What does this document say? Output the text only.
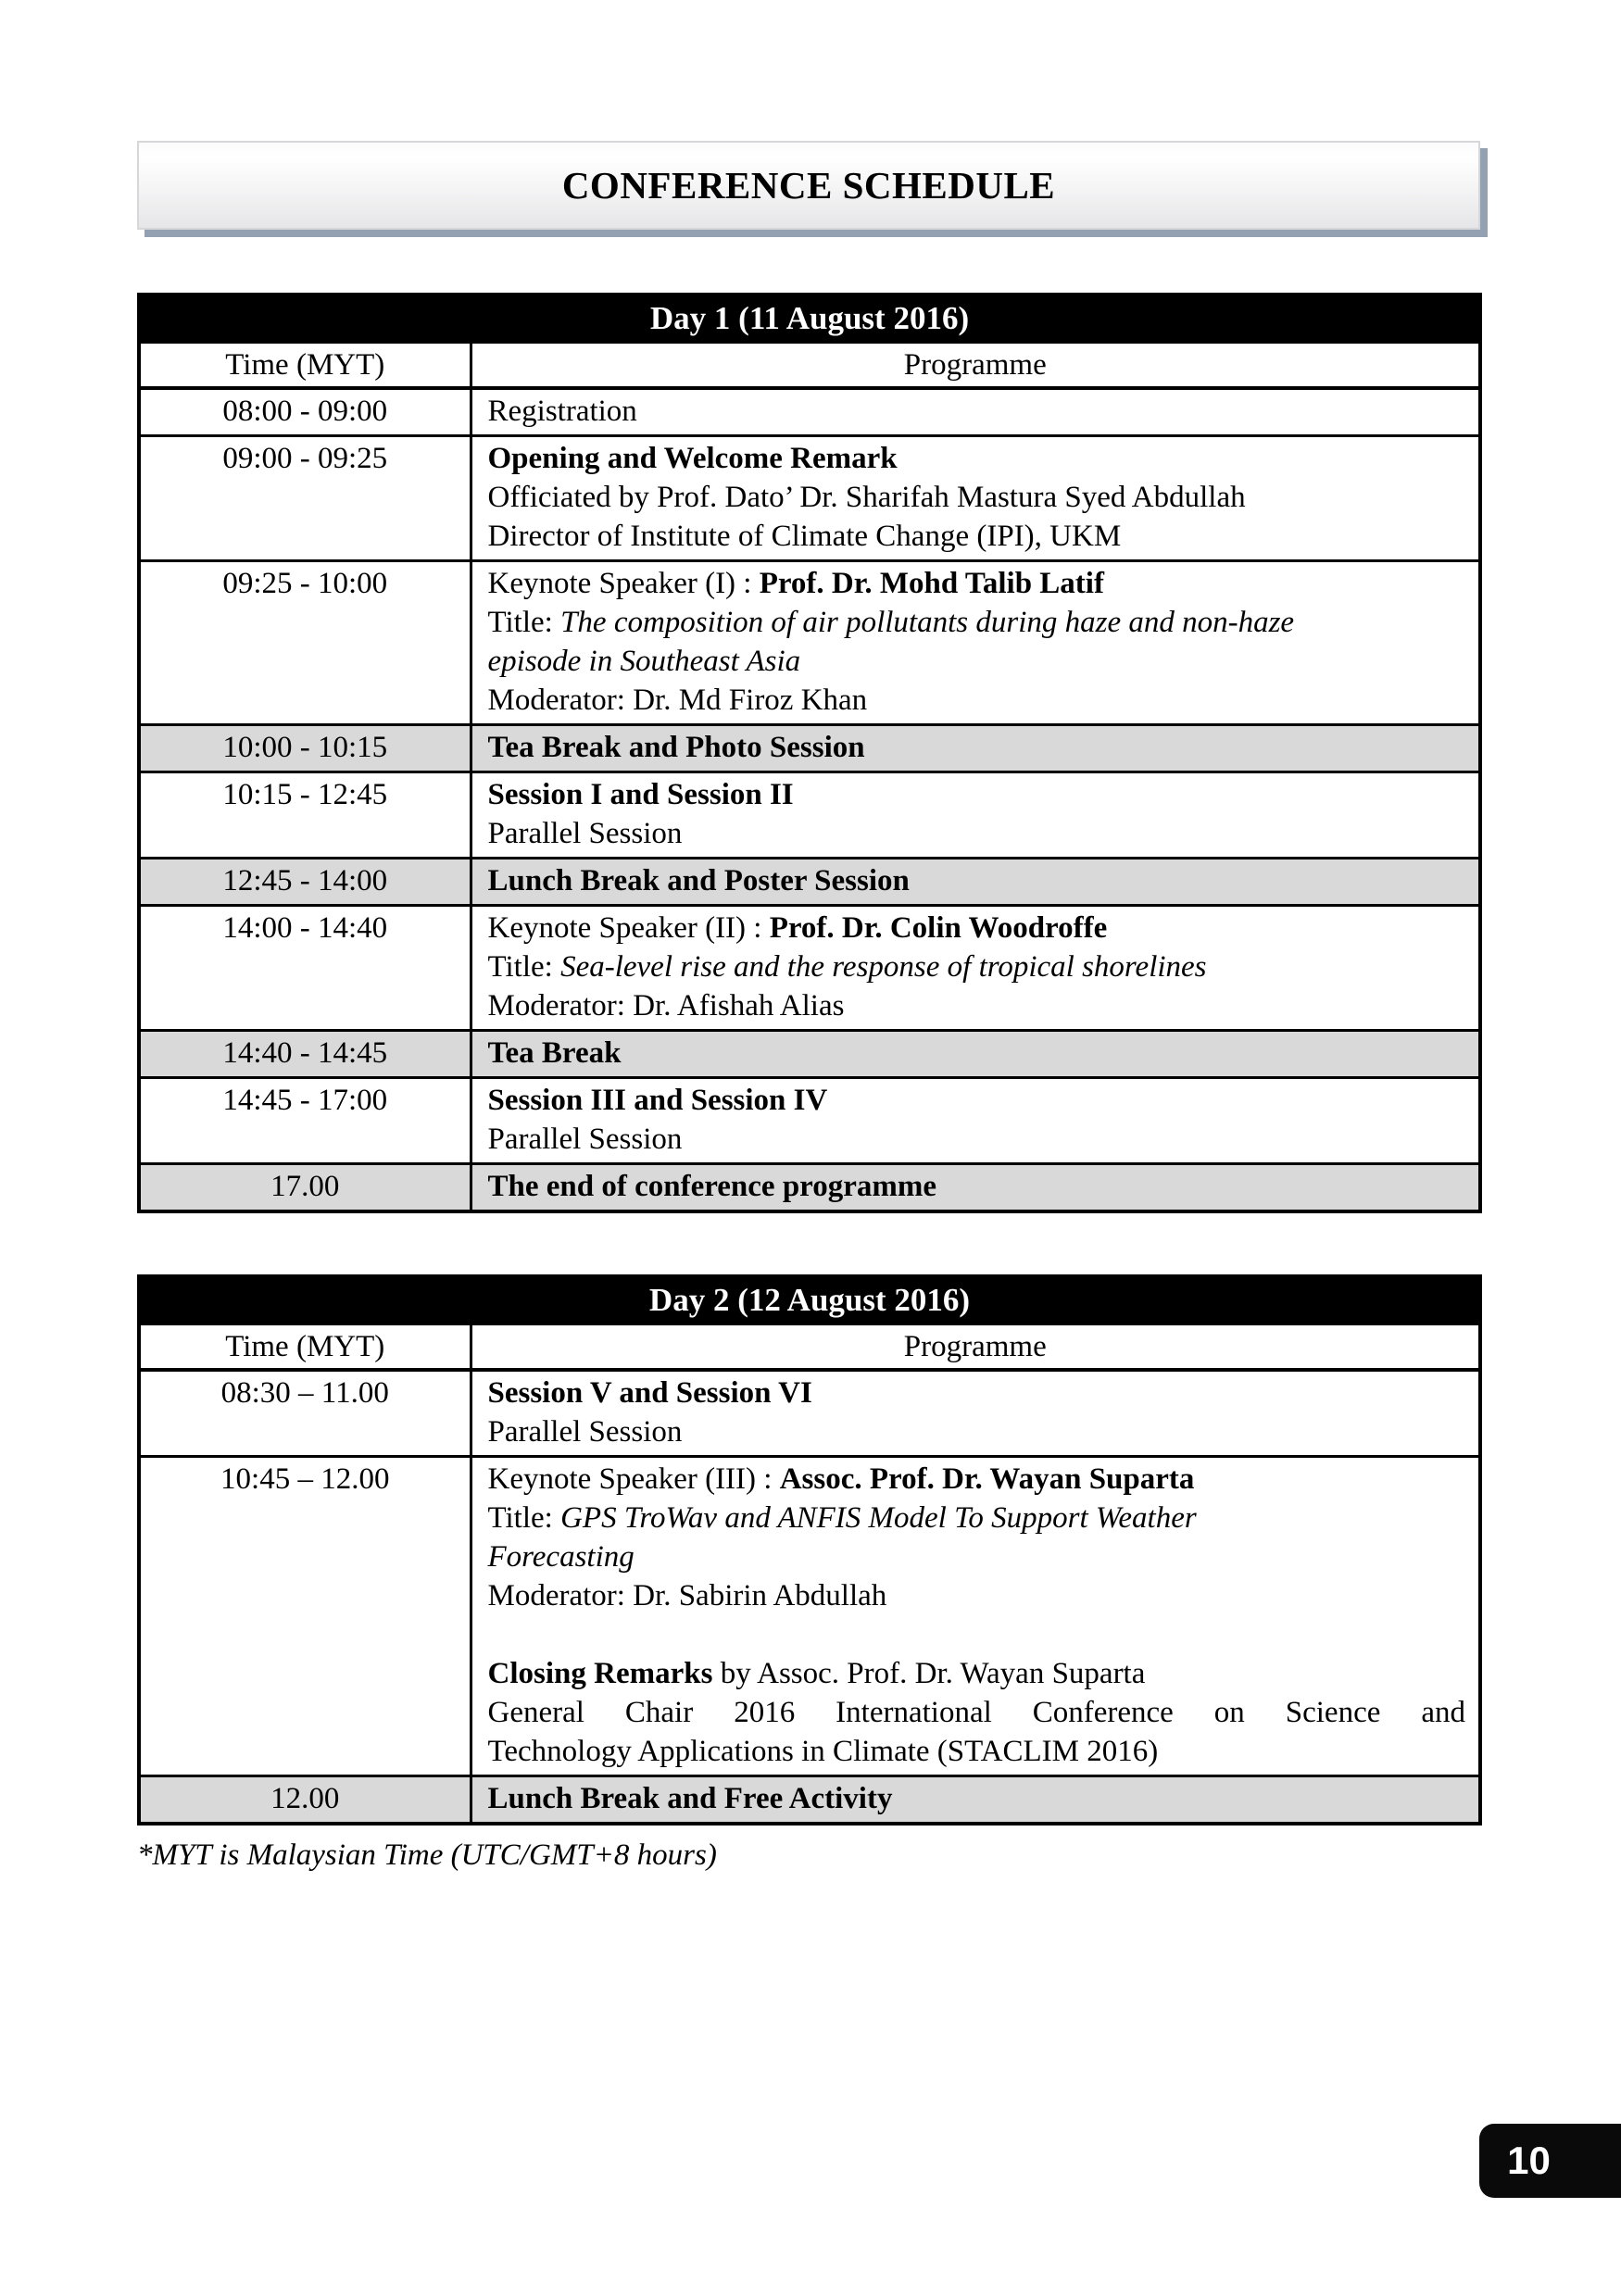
CONFERENCE SCHEDULE
Day 1 (11 August 2016)	
Time (MYT)	Programme
08:00 - 09:00	Registration

09:00 - 09:25	Opening and Welcome Remark
Officiated by Prof. Dato’ Dr. Sharifah Mastura Syed Abdullah
Director of Institute of Climate Change (IPI), UKM

09:25 - 10:00	Keynote Speaker (I) : Prof. Dr. Mohd Talib Latif
Title: The composition of air pollutants during haze and non-haze
episode in Southeast Asia
Moderator: Dr. Md Firoz Khan

10:00 - 10:15	Tea Break and Photo Session

10:15 - 12:45	Session I and Session II
Parallel Session

12:45 - 14:00	Lunch Break and Poster Session

14:00 - 14:40	Keynote Speaker (II) : Prof. Dr. Colin Woodroffe
Title: Sea-level rise and the response of tropical shorelines
Moderator: Dr. Afishah Alias

14:40 - 14:45	Tea Break

14:45 - 17:00	Session III and Session IV
Parallel Session

17.00	The end of conference programme
Day 2 (12 August 2016)	
Time (MYT)	Programme
08:30 – 11.00	Session V and Session VI
Parallel Session

10:45 – 12.00	Keynote Speaker (III) : Assoc. Prof. Dr. Wayan Suparta
Title: GPS TroWav and ANFIS Model To Support Weather
Forecasting
Moderator: Dr. Sabirin Abdullah

Closing Remarks by Assoc. Prof. Dr. Wayan Suparta
General Chair 2016 International Conference on Science and
Technology Applications in Climate (STACLIM 2016)

12.00	Lunch Break and Free Activity
*MYT is Malaysian Time (UTC/GMT+8 hours)
10
